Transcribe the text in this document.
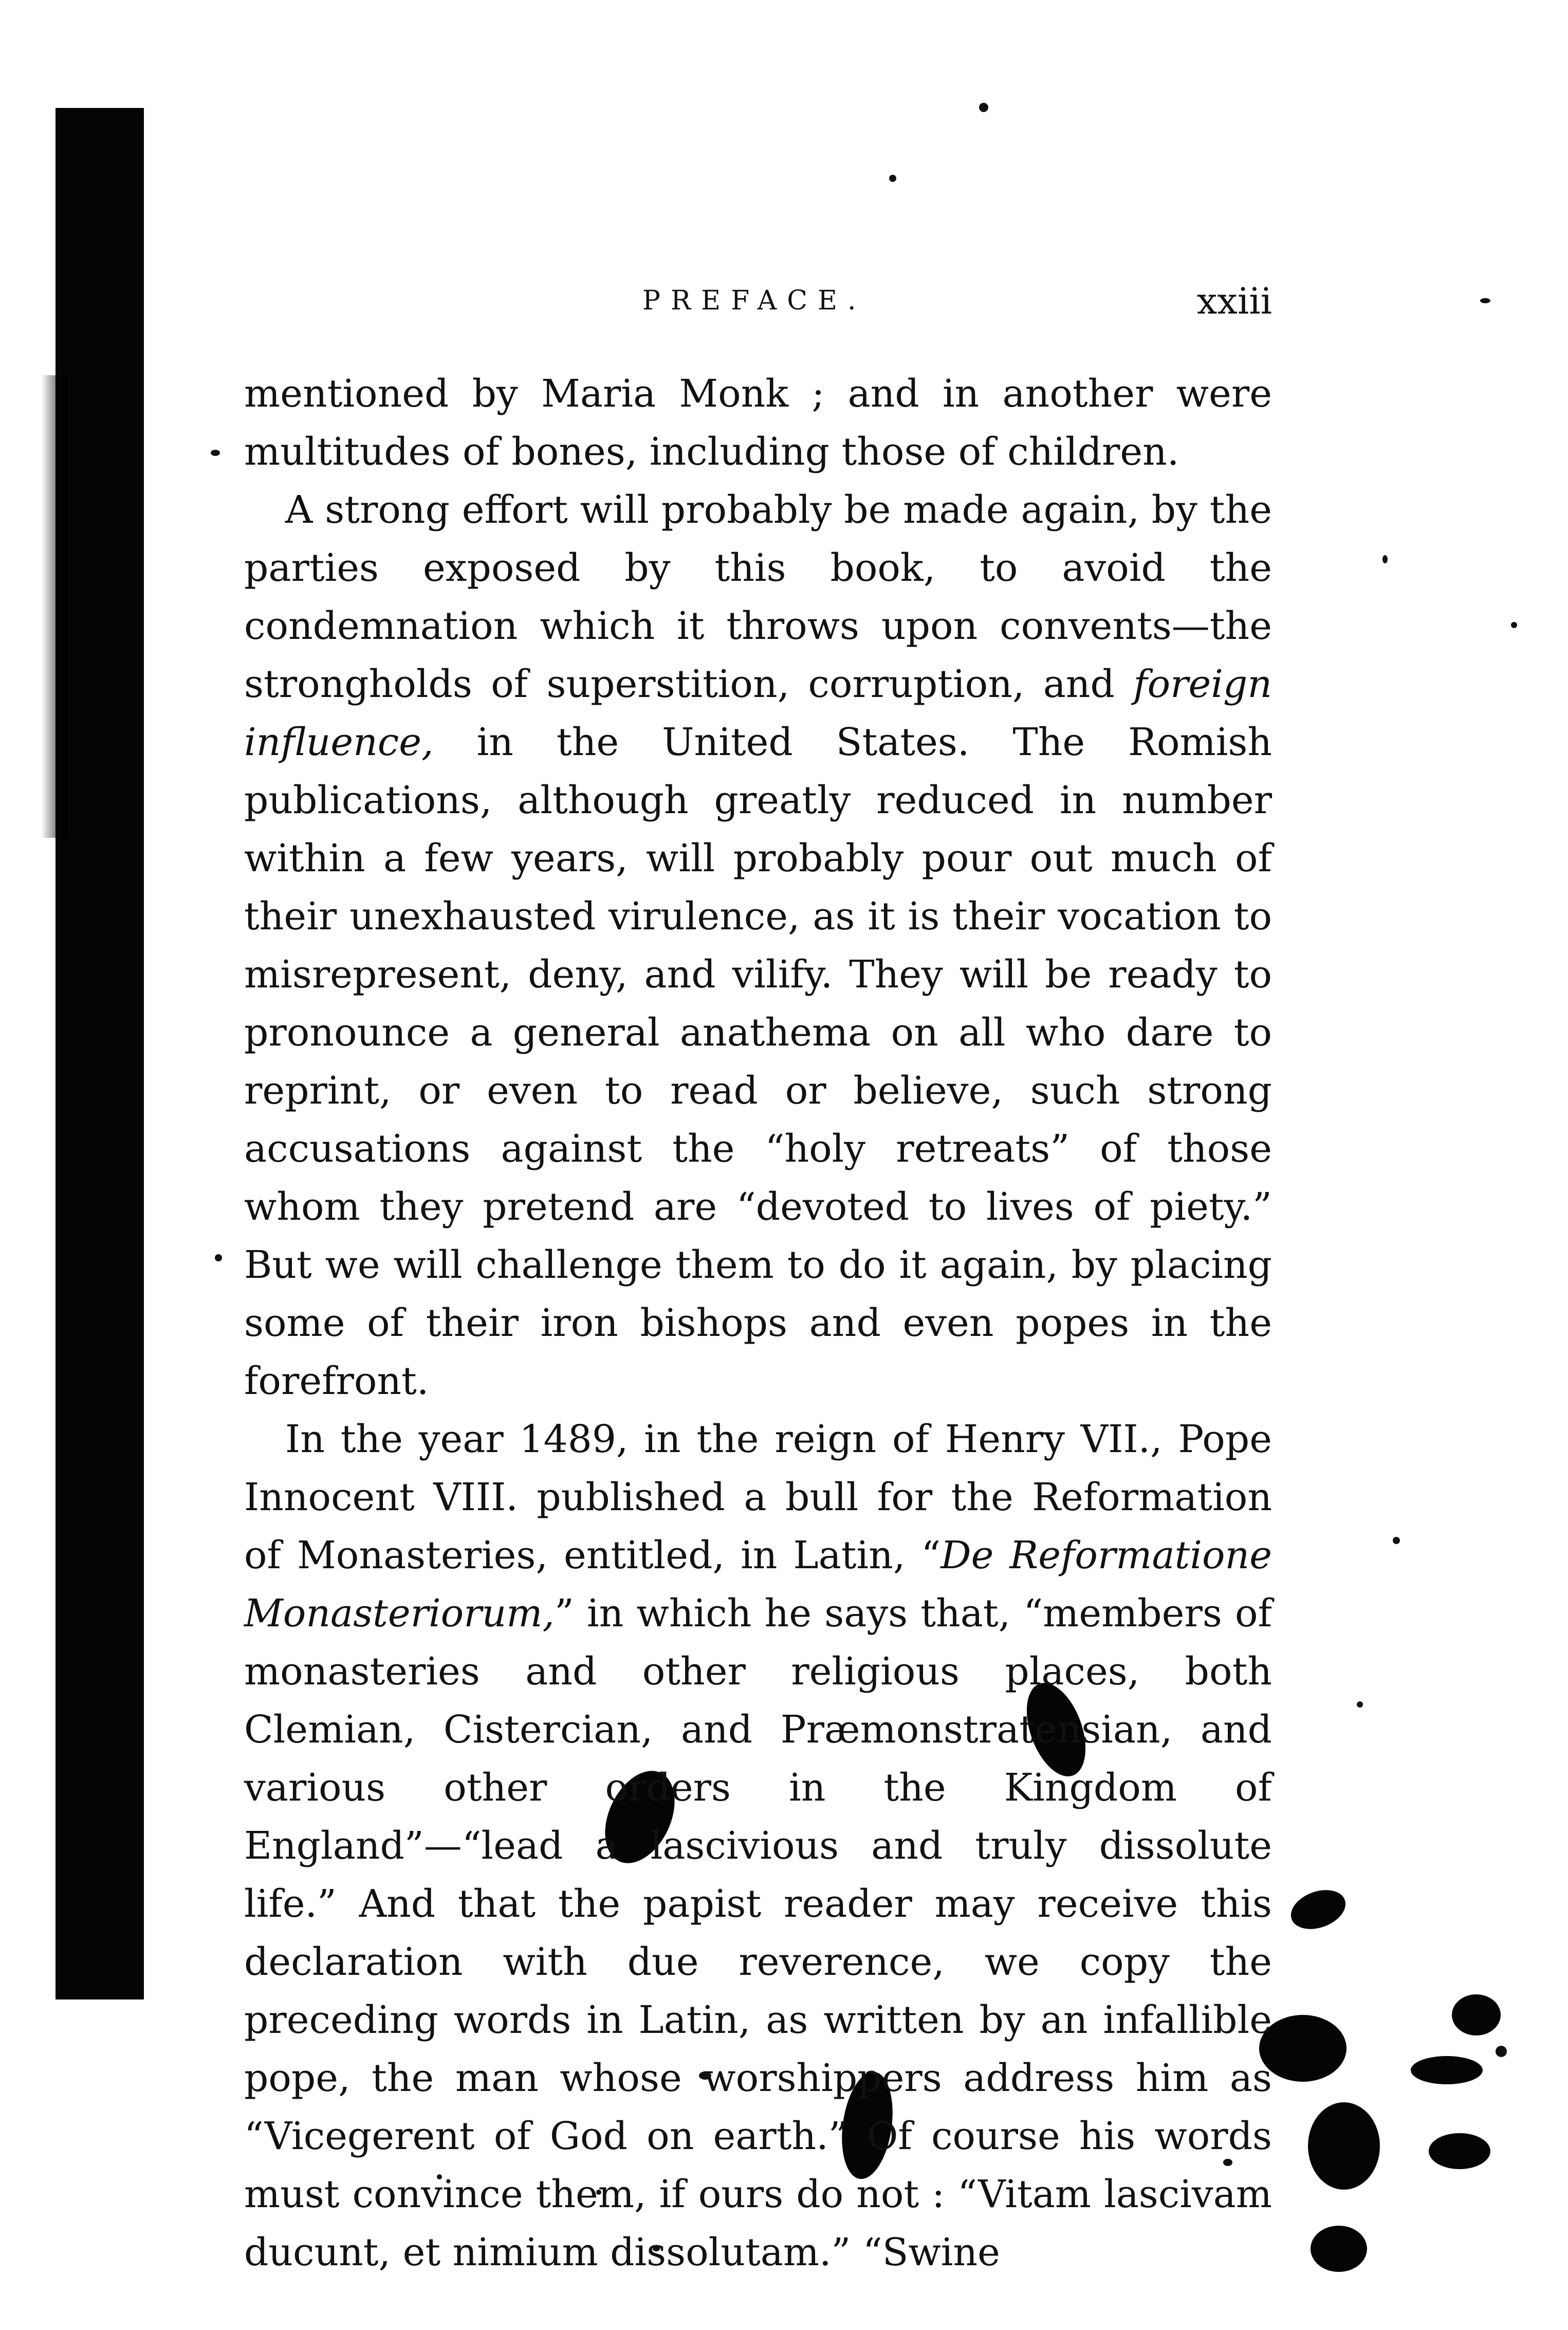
PREFACE.	xxiii

mentioned by Maria Monk ; and in another were multitudes of bones, including those of children.

A strong effort will probably be made again, by the parties exposed by this book, to avoid the condemnation which it throws upon convents—the strongholds of superstition, corruption, and foreign influence, in the United States. The Romish publications, although greatly reduced in number within a few years, will probably pour out much of their unexhausted virulence, as it is their vocation to misrepresent, deny, and vilify. They will be ready to pronounce a general anathema on all who dare to reprint, or even to read or believe, such strong accusations against the “holy retreats” of those whom they pretend are “devoted to lives of piety.” But we will challenge them to do it again, by placing some of their iron bishops and even popes in the forefront.

In the year 1489, in the reign of Henry VII., Pope Innocent VIII. published a bull for the Reformation of Monasteries, entitled, in Latin, “De Reformatione Monasteriorum,” in which he says that, “members of monasteries and other religious places, both Clemian, Cistercian, and Præmonstratensian, and various other orders in the Kingdom of England”—“lead a lascivious and truly dissolute life.” And that the papist reader may receive this declaration with due reverence, we copy the preceding words in Latin, as written by an infallible pope, the man whose worshippers address him as “Vicegerent of God on earth.” Of course his words must convince them, if ours do not : “Vitam lascivam ducunt, et nimium dissolutam.” “Swine
